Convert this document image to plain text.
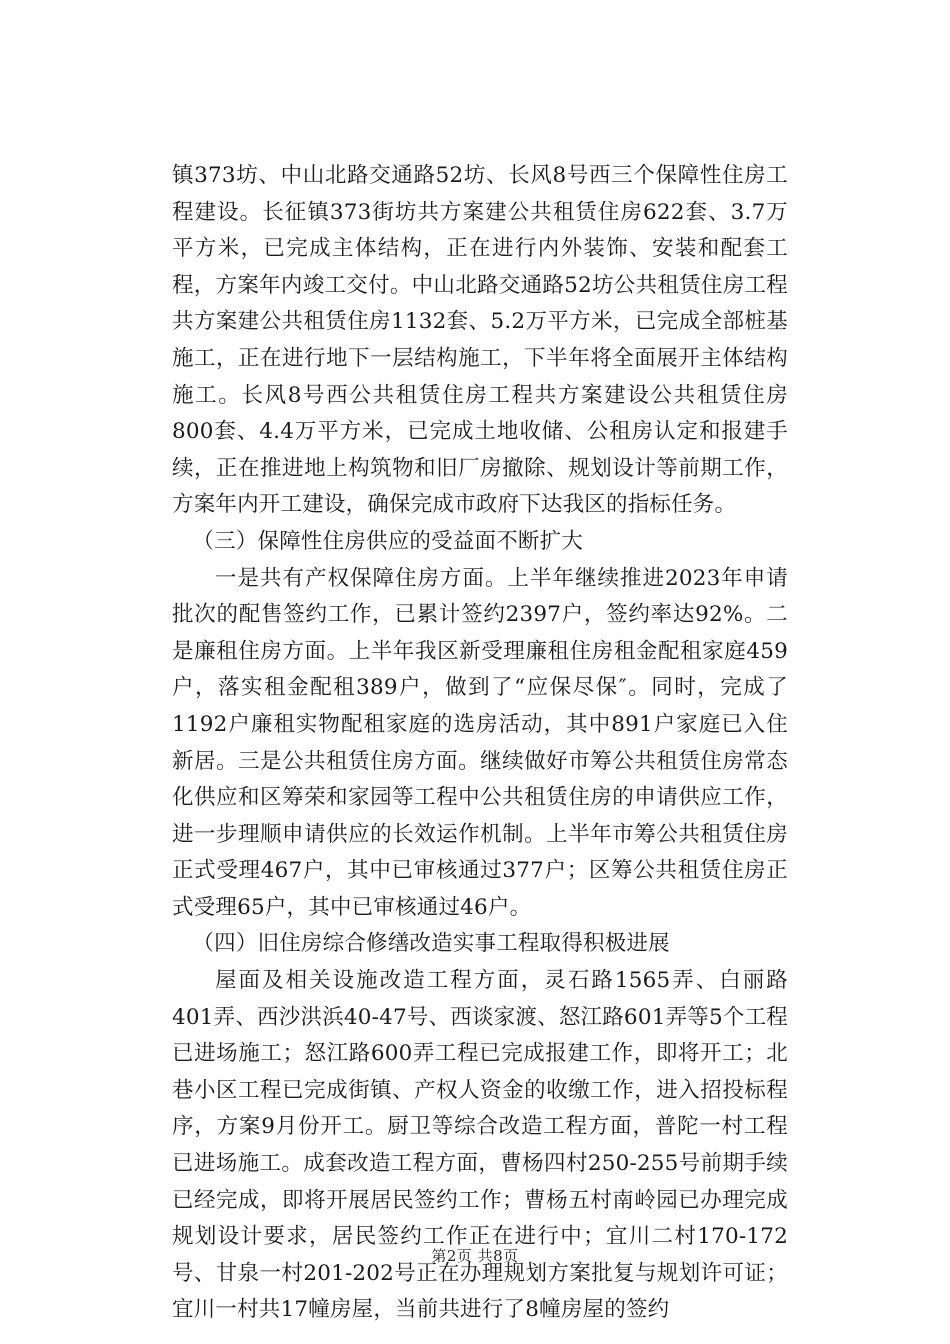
镇373坊、中山北路交通路52坊、长风8号西三个保障性住房工程建设。长征镇373街坊共方案建公共租赁住房622套、3.7万平方米，已完成主体结构，正在进行内外装饰、安装和配套工程，方案年内竣工交付。中山北路交通路52坊公共租赁住房工程共方案建公共租赁住房1132套、5.2万平方米，已完成全部桩基施工，正在进行地下一层结构施工，下半年将全面展开主体结构施工。长风8号西公共租赁住房工程共方案建设公共租赁住房800套、4.4万平方米，已完成土地收储、公租房认定和报建手续，正在推进地上构筑物和旧厂房撤除、规划设计等前期工作，方案年内开工建设，确保完成市政府下达我区的指标任务。

（三）保障性住房供应的受益面不断扩大

一是共有产权保障住房方面。上半年继续推进2023年申请批次的配售签约工作，已累计签约2397户，签约率达92%。二是廉租住房方面。上半年我区新受理廉租住房租金配租家庭459户，落实租金配租389户，做到了“应保尽保″。同时，完成了1192户廉租实物配租家庭的选房活动，其中891户家庭已入住新居。三是公共租赁住房方面。继续做好市筹公共租赁住房常态化供应和区筹荣和家园等工程中公共租赁住房的申请供应工作，进一步理顺申请供应的长效运作机制。上半年市筹公共租赁住房正式受理467户，其中已审核通过377户；区筹公共租赁住房正式受理65户，其中已审核通过46户。

（四）旧住房综合修缮改造实事工程取得积极进展

屋面及相关设施改造工程方面，灵石路1565弄、白丽路401弄、西沙洪浜40-47号、西谈家渡、怒江路601弄等5个工程已进场施工；怒江路600弄工程已完成报建工作，即将开工；北巷小区工程已完成街镇、产权人资金的收缴工作，进入招投标程序，方案9月份开工。厨卫等综合改造工程方面，普陀一村工程已进场施工。成套改造工程方面，曹杨四村250-255号前期手续已经完成，即将开展居民签约工作；曹杨五村南岭园已办理完成规划设计要求，居民签约工作正在进行中；宜川二村170-172号、甘泉一村201-202号正在办理规划方案批复与规划许可证；宜川一村共17幢房屋，当前共进行了8幢房屋的签约

第2页 共8页
